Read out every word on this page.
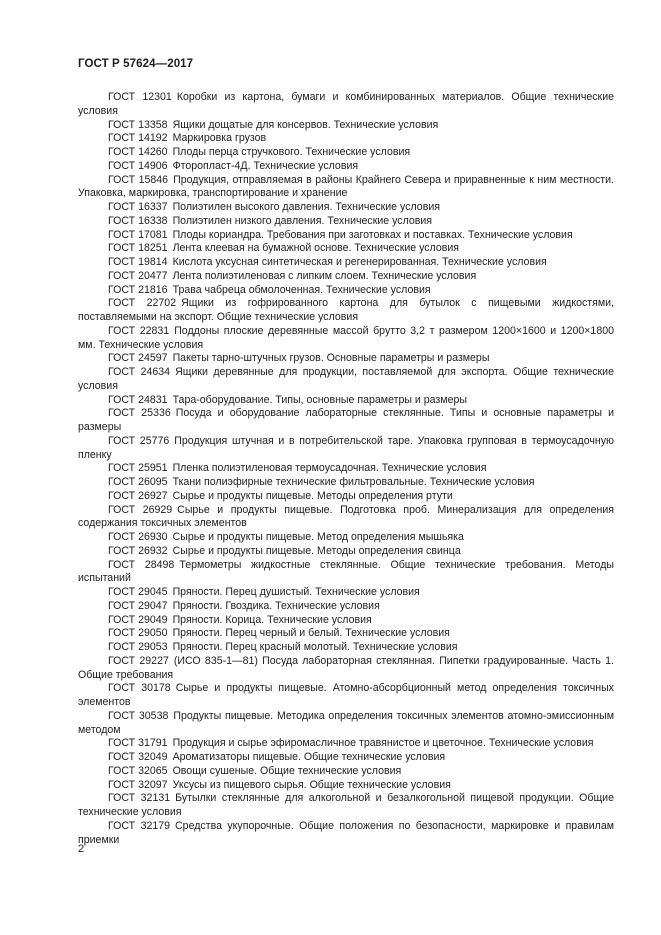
ГОСТ Р 57624—2017

ГОСТ 12301 Коробки из картона, бумаги и комбинированных материалов. Общие технические условия

ГОСТ 13358 Ящики дощатые для консервов. Технические условия

ГОСТ 14192 Маркировка грузов

ГОСТ 14260 Плоды перца стручкового. Технические условия

ГОСТ 14906 Фторопласт-4Д. Технические условия

ГОСТ 15846 Продукция, отправляемая в районы Крайнего Севера и приравненные к ним местности. Упаковка, маркировка, транспортирование и хранение

ГОСТ 16337 Полиэтилен высокого давления. Технические условия

ГОСТ 16338 Полиэтилен низкого давления. Технические условия

ГОСТ 17081 Плоды кориандра. Требования при заготовках и поставках. Технические условия

ГОСТ 18251 Лента клеевая на бумажной основе. Технические условия

ГОСТ 19814 Кислота уксусная синтетическая и регенерированная. Технические условия

ГОСТ 20477 Лента полиэтиленовая с липким слоем. Технические условия

ГОСТ 21816 Трава чабреца обмолоченная. Технические условия

ГОСТ 22702 Ящики из гофрированного картона для бутылок с пищевыми жидкостями, поставляемыми на экспорт. Общие технические условия

ГОСТ 22831 Поддоны плоские деревянные массой брутто 3,2 т размером 1200×1600 и 1200×1800 мм. Технические условия

ГОСТ 24597 Пакеты тарно-штучных грузов. Основные параметры и размеры

ГОСТ 24634 Ящики деревянные для продукции, поставляемой для экспорта. Общие технические условия

ГОСТ 24831 Тара-оборудование. Типы, основные параметры и размеры

ГОСТ 25336 Посуда и оборудование лабораторные стеклянные. Типы и основные параметры и размеры

ГОСТ 25776 Продукция штучная и в потребительской таре. Упаковка групповая в термоусадочную пленку

ГОСТ 25951 Пленка полиэтиленовая термоусадочная. Технические условия

ГОСТ 26095 Ткани полиэфирные технические фильтровальные. Технические условия

ГОСТ 26927 Сырье и продукты пищевые. Методы определения ртути

ГОСТ 26929 Сырье и продукты пищевые. Подготовка проб. Минерализация для определения содержания токсичных элементов

ГОСТ 26930 Сырье и продукты пищевые. Метод определения мышьяка

ГОСТ 26932 Сырье и продукты пищевые. Методы определения свинца

ГОСТ 28498 Термометры жидкостные стеклянные. Общие технические требования. Методы испытаний

ГОСТ 29045 Пряности. Перец душистый. Технические условия

ГОСТ 29047 Пряности. Гвоздика. Технические условия

ГОСТ 29049 Пряности. Корица. Технические условия

ГОСТ 29050 Пряности. Перец черный и белый. Технические условия

ГОСТ 29053 Пряности. Перец красный молотый. Технические условия

ГОСТ 29227 (ИСО 835-1—81) Посуда лабораторная стеклянная. Пипетки градуированные. Часть 1. Общие требования

ГОСТ 30178 Сырье и продукты пищевые. Атомно-абсорбционный метод определения токсичных элементов

ГОСТ 30538 Продукты пищевые. Методика определения токсичных элементов атомно-эмиссионным методом

ГОСТ 31791 Продукция и сырье эфиромасличное травянистое и цветочное. Технические условия

ГОСТ 32049 Ароматизаторы пищевые. Общие технические условия

ГОСТ 32065 Овощи сушеные. Общие технические условия

ГОСТ 32097 Уксусы из пищевого сырья. Общие технические условия

ГОСТ 32131 Бутылки стеклянные для алкогольной и безалкогольной пищевой продукции. Общие технические условия

ГОСТ 32179 Средства укупорочные. Общие положения по безопасности, маркировке и правилам приемки

2
